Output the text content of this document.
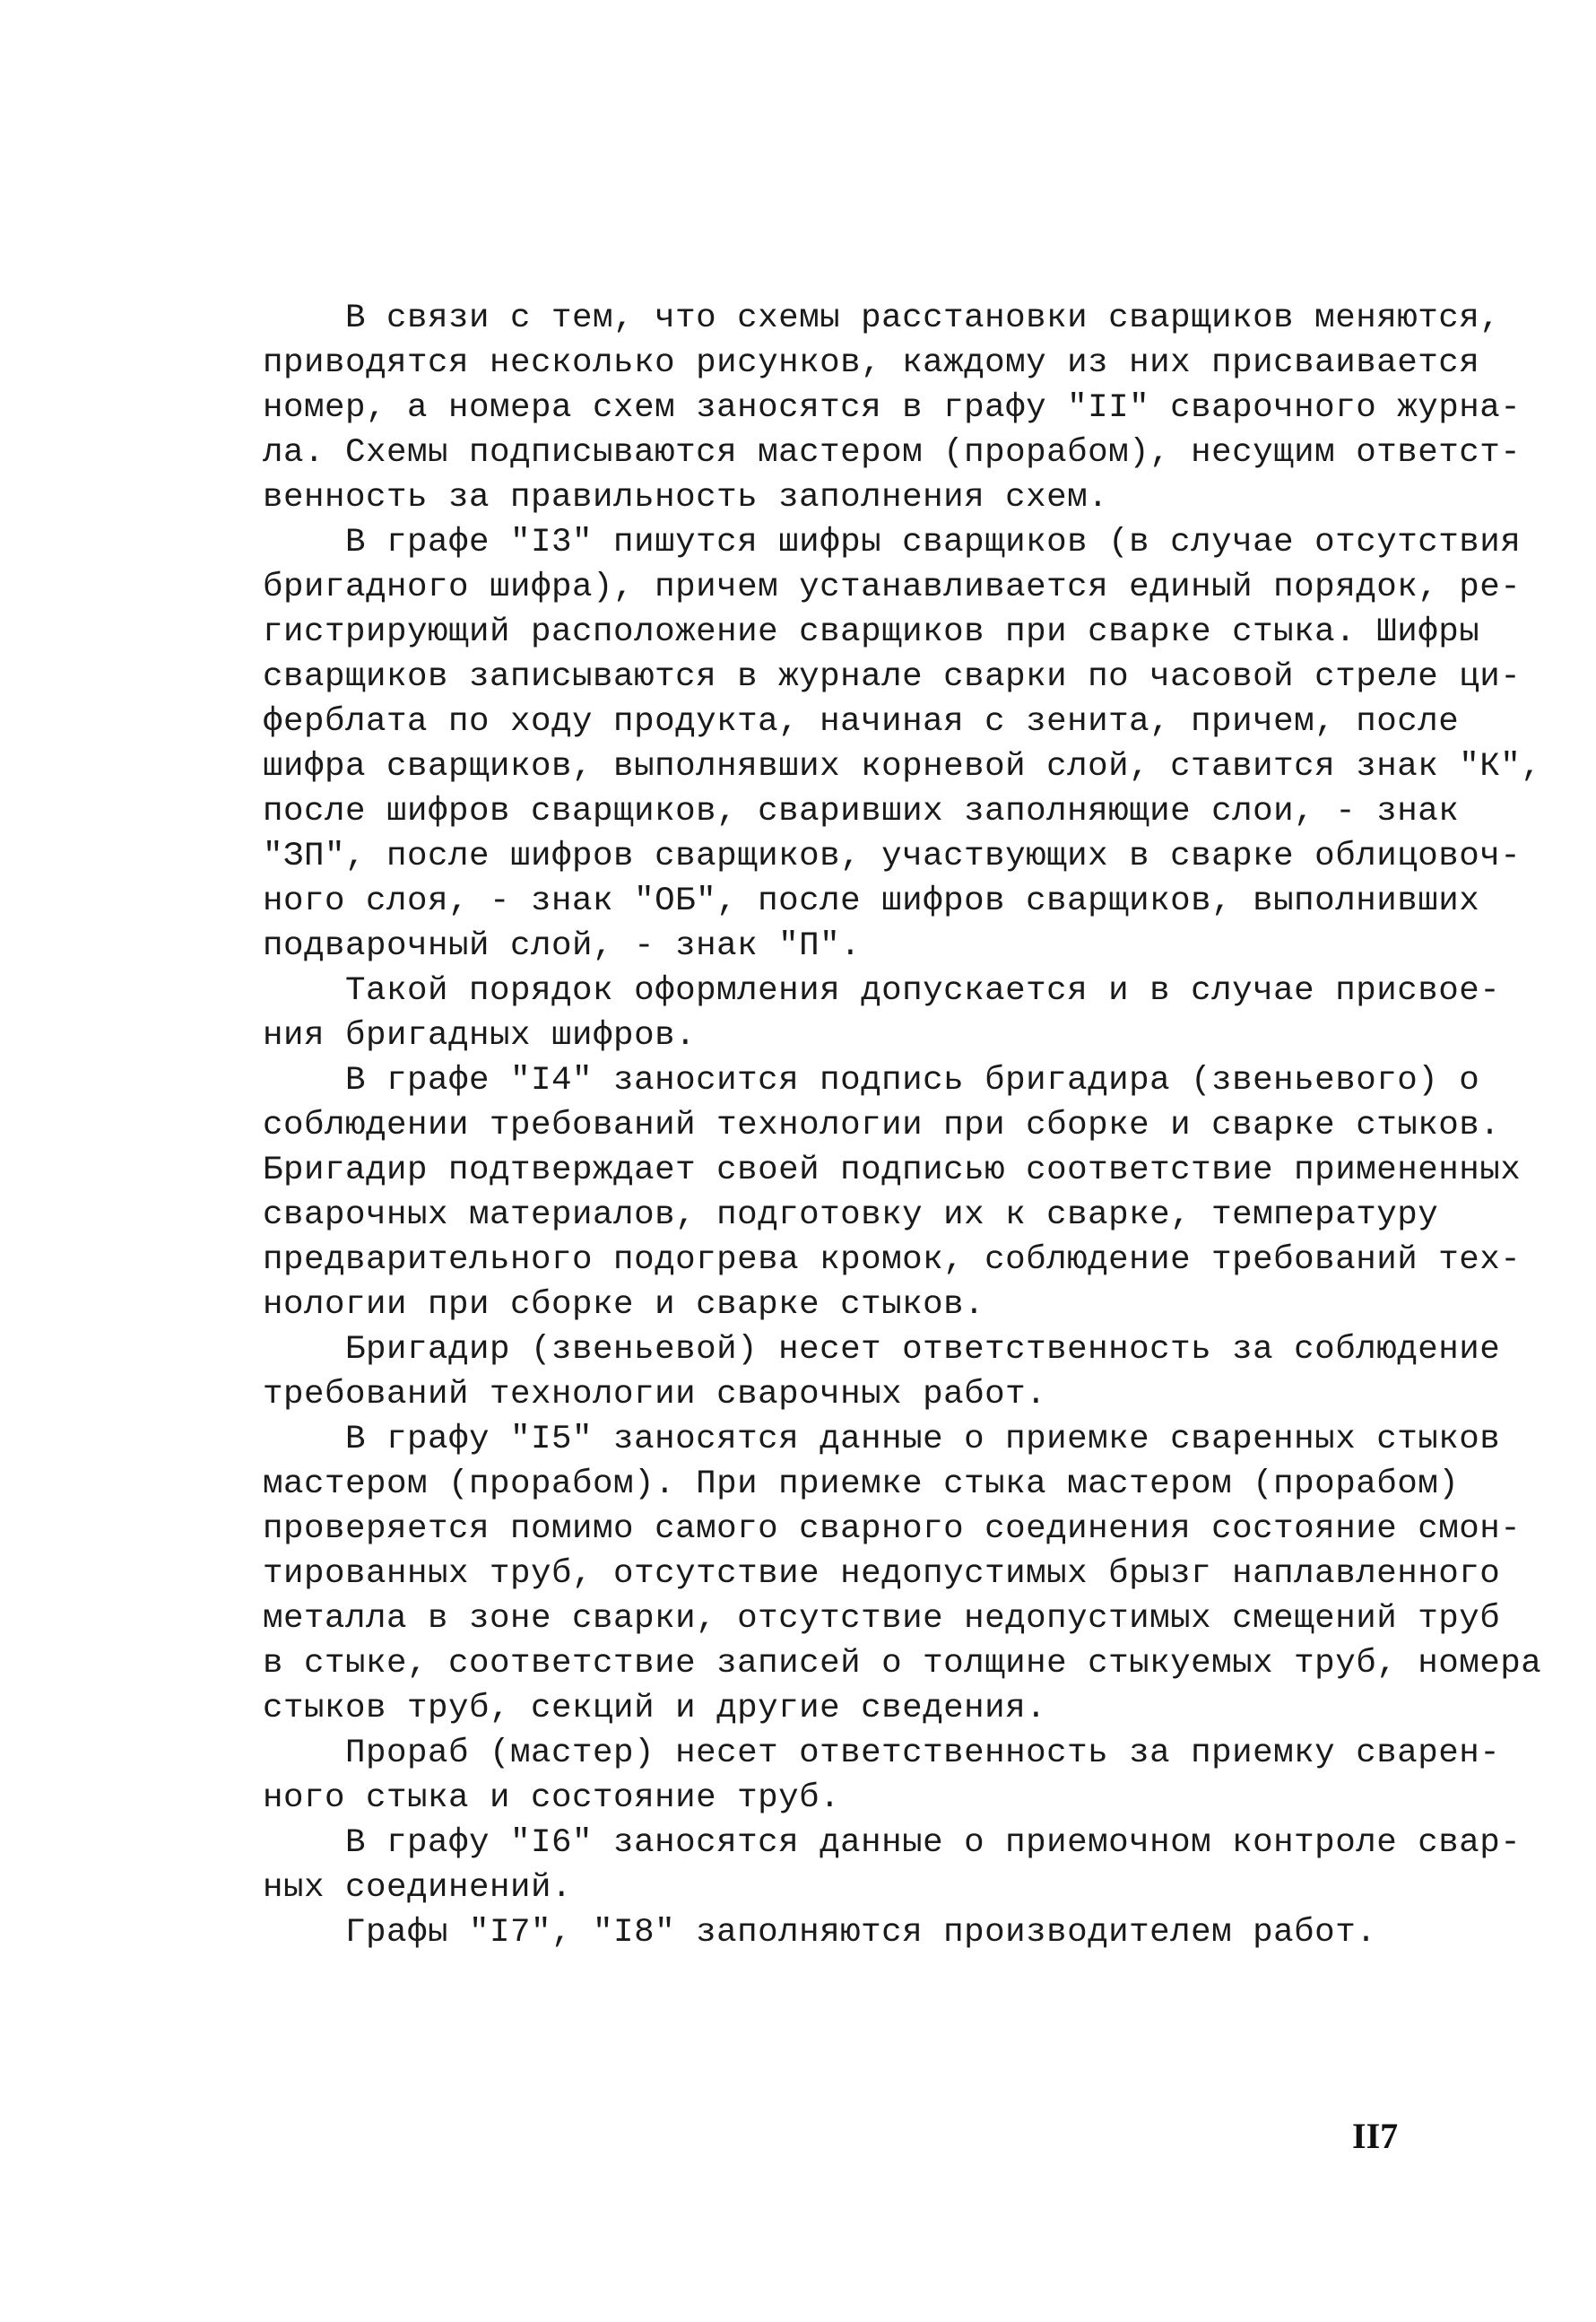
В связи с тем, что схемы расстановки сварщиков меняются,
приводятся несколько рисунков, каждому из них присваивается
номер, а номера схем заносятся в графу "II" сварочного журна-
ла. Схемы подписываются мастером (прорабом), несущим ответст-
венность за правильность заполнения схем.
В графе "I3" пишутся шифры сварщиков (в случае отсутствия
бригадного шифра), причем устанавливается единый порядок, ре-
гистрирующий расположение сварщиков при сварке стыка. Шифры
сварщиков записываются в журнале сварки по часовой стреле ци-
ферблата по ходу продукта, начиная с зенита, причем, после
шифра сварщиков, выполнявших корневой слой, ставится знак "К",
после шифров сварщиков, сваривших заполняющие слои, - знак
"ЗП", после шифров сварщиков, участвующих в сварке облицовоч-
ного слоя, - знак "ОБ", после шифров сварщиков, выполнивших
подварочный слой, - знак "П".
Такой порядок оформления допускается и в случае присвое-
ния бригадных шифров.
В графе "I4" заносится подпись бригадира (звеньевого) о
соблюдении требований технологии при сборке и сварке стыков.
Бригадир подтверждает своей подписью соответствие примененных
сварочных материалов, подготовку их к сварке, температуру
предварительного подогрева кромок, соблюдение требований тех-
нологии при сборке и сварке стыков.
Бригадир (звеньевой) несет ответственность за соблюдение
требований технологии сварочных работ.
В графу "I5" заносятся данные о приемке сваренных стыков
мастером (прорабом). При приемке стыка мастером (прорабом)
проверяется помимо самого сварного соединения состояние смон-
тированных труб, отсутствие недопустимых брызг наплавленного
металла в зоне сварки, отсутствие недопустимых смещений труб
в стыке, соответствие записей о толщине стыкуемых труб, номера
стыков труб, секций и другие сведения.
Прораб (мастер) несет ответственность за приемку сварен-
ного стыка и состояние труб.
В графу "I6" заносятся данные о приемочном контроле свар-
ных соединений.
Графы "I7", "I8" заполняются производителем работ.
II7
